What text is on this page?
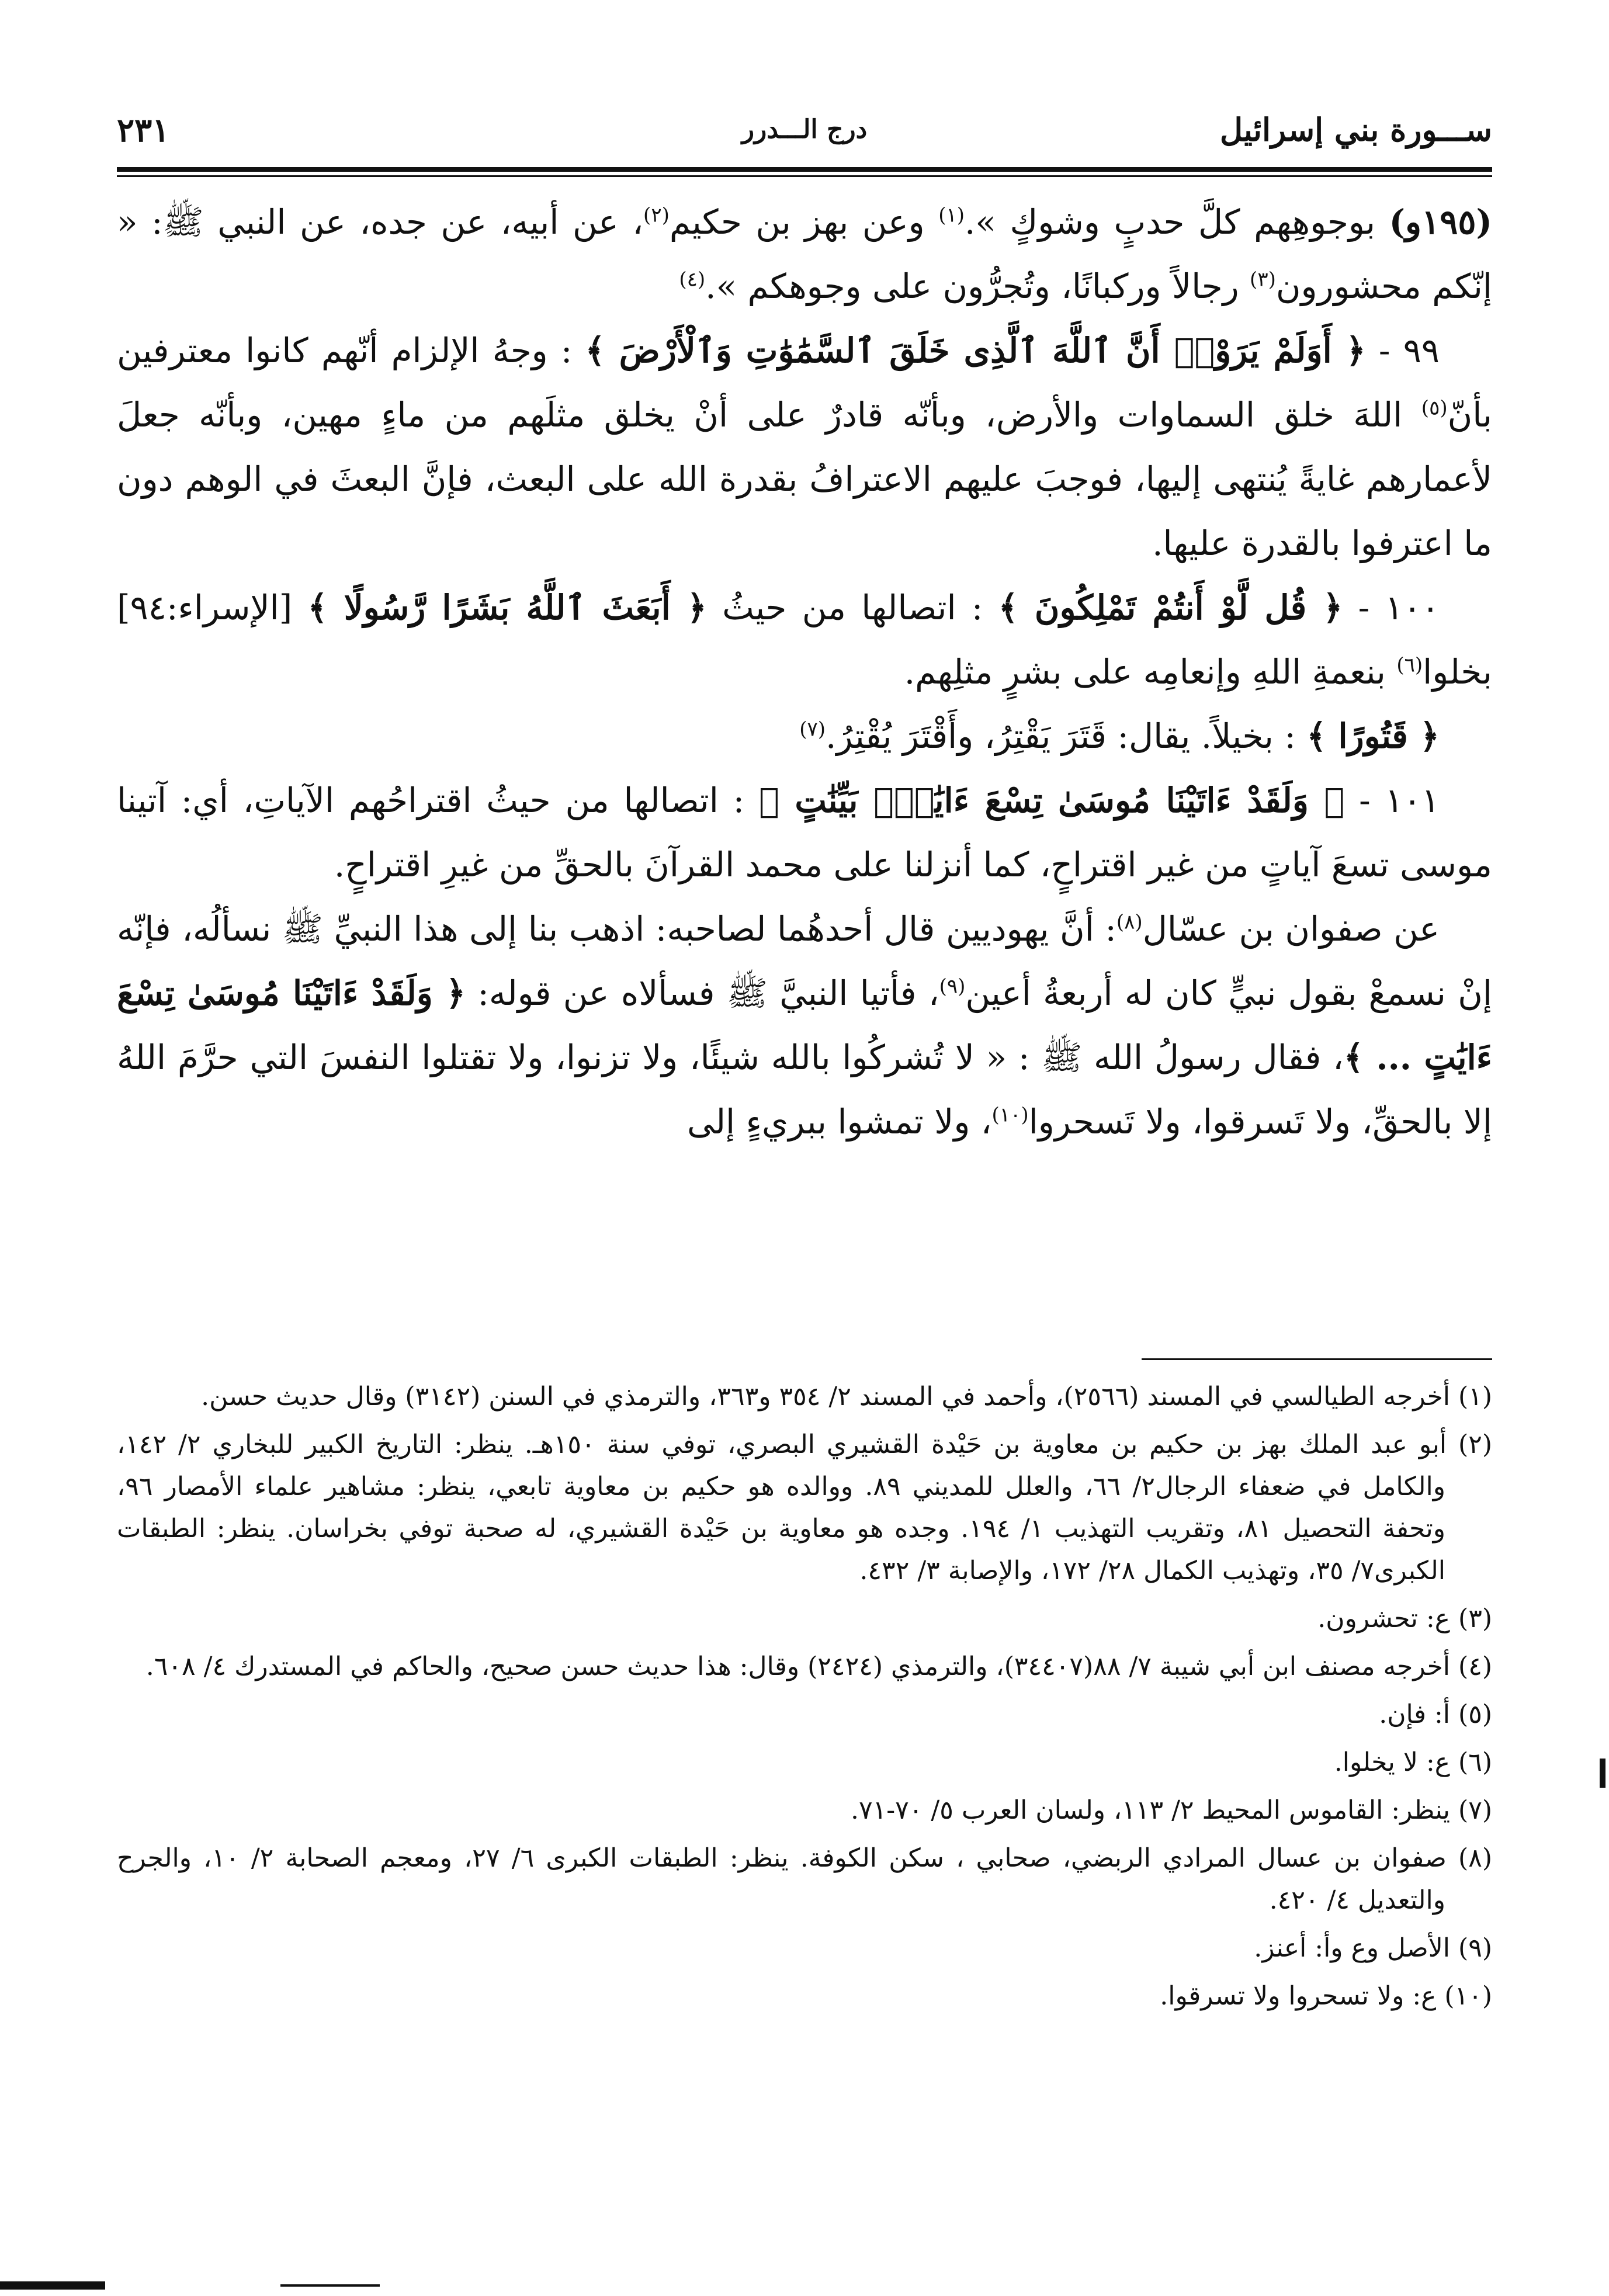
ســـورة بني إسرائيل
درج الـــدرر
٢٣١

(١٩٥و) بوجوهِهم كلَّ حدبٍ وشوكٍ ».$^{(١)}$ وعن بهز بن حكيم$^{(٢)}$، عن أبيه، عن جده، عن النبي ﷺ: « إنّكم محشورون$^{(٣)}$ رجالاً وركبانًا، وتُجرُّون على وجوهكم ».$^{(٤)}$

٩٩ - ﴿ أَوَلَمْ يَرَوْا۟ أَنَّ ٱللَّهَ ٱلَّذِى خَلَقَ ٱلسَّمَٰوَٰتِ وَٱلْأَرْضَ ﴾ : وجهُ الإلزام أنّهم كانوا معترفين بأنّ$^{(٥)}$ اللهَ خلق السماوات والأرض، وبأنّه قادرٌ على أنْ يخلق مثلَهم من ماءٍ مهين، وبأنّه جعلَ لأعمارهم غايةً يُنتهى إليها، فوجبَ عليهم الاعترافُ بقدرة الله على البعث، فإنَّ البعثَ في الوهم دون ما اعترفوا بالقدرة عليها.

١٠٠ - ﴿ قُل لَّوْ أَنتُمْ تَمْلِكُونَ ﴾ : اتصالها من حيثُ ﴿ أَبَعَثَ ٱللَّهُ بَشَرًا رَّسُولًا ﴾ [الإسراء:٩٤] بخلوا$^{(٦)}$ بنعمةِ اللهِ وإنعامِه على بشرٍ مثلِهم.

﴿ قَتُورًا ﴾ : بخيلاً. يقال: قَتَرَ يَقْتِرُ، وأَقْتَرَ يُقْتِرُ.$^{(٧)}$

١٠١ - ﴿ وَلَقَدْ ءَاتَيْنَا مُوسَىٰ تِسْعَ ءَايَٰتٍۭ بَيِّنَٰتٍ ﴾ : اتصالها من حيثُ اقتراحُهم الآياتِ، أي: آتينا موسى تسعَ آياتٍ من غير اقتراحٍ، كما أنزلنا على محمد القرآنَ بالحقِّ من غيرِ اقتراحٍ.

عن صفوان بن عسّال$^{(٨)}$: أنَّ يهوديين قال أحدهُما لصاحبه: اذهب بنا إلى هذا النبيِّ ﷺ نسألُه، فإنّه إنْ نسمعْ بقول نبيٍّ كان له أربعةُ أعين$^{(٩)}$، فأتيا النبيَّ ﷺ فسألاه عن قوله: ﴿ وَلَقَدْ ءَاتَيْنَا مُوسَىٰ تِسْعَ ءَايَٰتٍ ... ﴾، فقال رسولُ الله ﷺ : « لا تُشركُوا بالله شيئًا، ولا تزنوا، ولا تقتلوا النفسَ التي حرَّمَ اللهُ إلا بالحقِّ، ولا تَسرقوا، ولا تَسحروا$^{(١٠)}$، ولا تمشوا ببريءٍ إلى

(١) أخرجه الطيالسي في المسند (٢٥٦٦)، وأحمد في المسند ٢/ ٣٥٤ و٣٦٣، والترمذي في السنن (٣١٤٢) وقال حديث حسن.

(٢) أبو عبد الملك بهز بن حكيم بن معاوية بن حَيْدة القشيري البصري، توفي سنة ١٥٠هـ. ينظر: التاريخ الكبير للبخاري ٢/ ١٤٢، والكامل في ضعفاء الرجال٢/ ٦٦، والعلل للمديني ٨٩. ووالده هو حكيم بن معاوية تابعي، ينظر: مشاهير علماء الأمصار ٩٦، وتحفة التحصيل ٨١، وتقريب التهذيب ١/ ١٩٤. وجده هو معاوية بن حَيْدة القشيري، له صحبة توفي بخراسان. ينظر: الطبقات الكبرى٧/ ٣٥، وتهذيب الكمال ٢٨/ ١٧٢، والإصابة ٣/ ٤٣٢.

(٣) ع: تحشرون.

(٤) أخرجه مصنف ابن أبي شيبة ٧/ ٨٨(٣٤٤٠٧)، والترمذي (٢٤٢٤) وقال: هذا حديث حسن صحيح، والحاكم في المستدرك ٤/ ٦٠٨.

(٥) أ: فإن.

(٦) ع: لا يخلوا.

(٧) ينظر: القاموس المحيط ٢/ ١١٣، ولسان العرب ٥/ ٧٠-٧١.

(٨) صفوان بن عسال المرادي الربضي، صحابي ، سكن الكوفة. ينظر: الطبقات الكبرى ٦/ ٢٧، ومعجم الصحابة ٢/ ١٠، والجرح والتعديل ٤/ ٤٢٠.

(٩) الأصل وع وأ: أعنز.

(١٠) ع: ولا تسحروا ولا تسرقوا.
